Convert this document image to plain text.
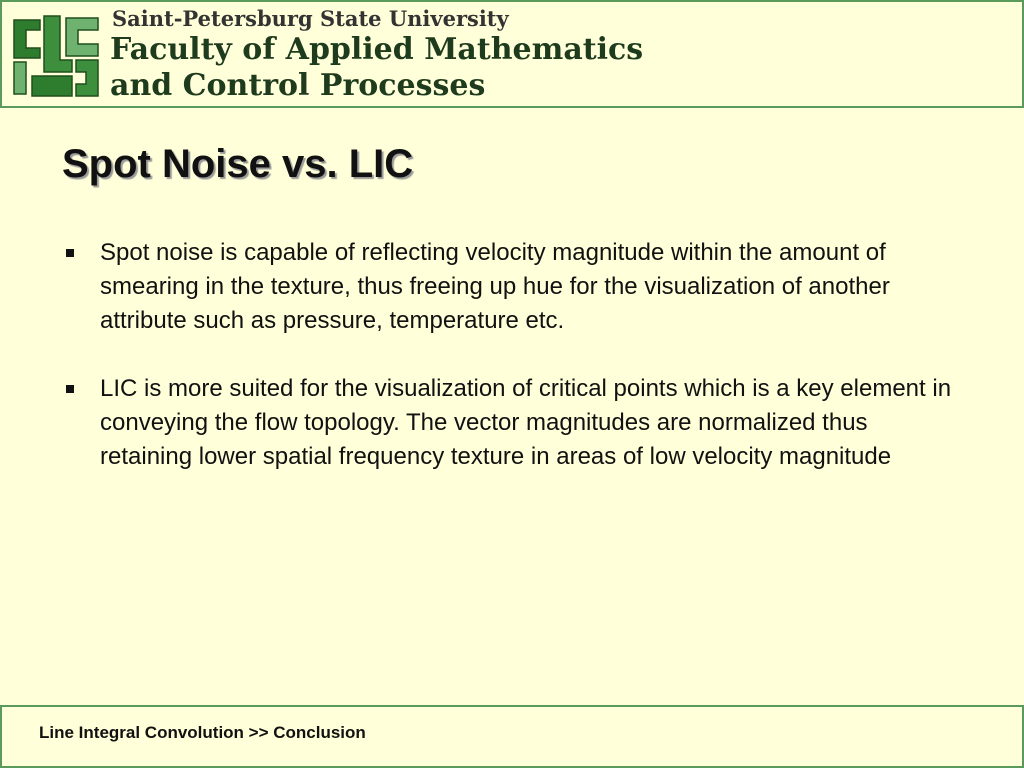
Saint-Petersburg State University
Faculty of Applied Mathematics
and Control Processes
Spot Noise vs. LIC
Spot noise is capable of reflecting velocity magnitude within the amount of smearing in the texture, thus freeing up hue for the visualization of another attribute such as pressure, temperature etc.
LIC is more suited for the visualization of critical points which is a key element in conveying the flow topology. The vector magnitudes are normalized thus retaining lower spatial frequency texture in areas of low velocity magnitude
Line Integral Convolution >> Conclusion
